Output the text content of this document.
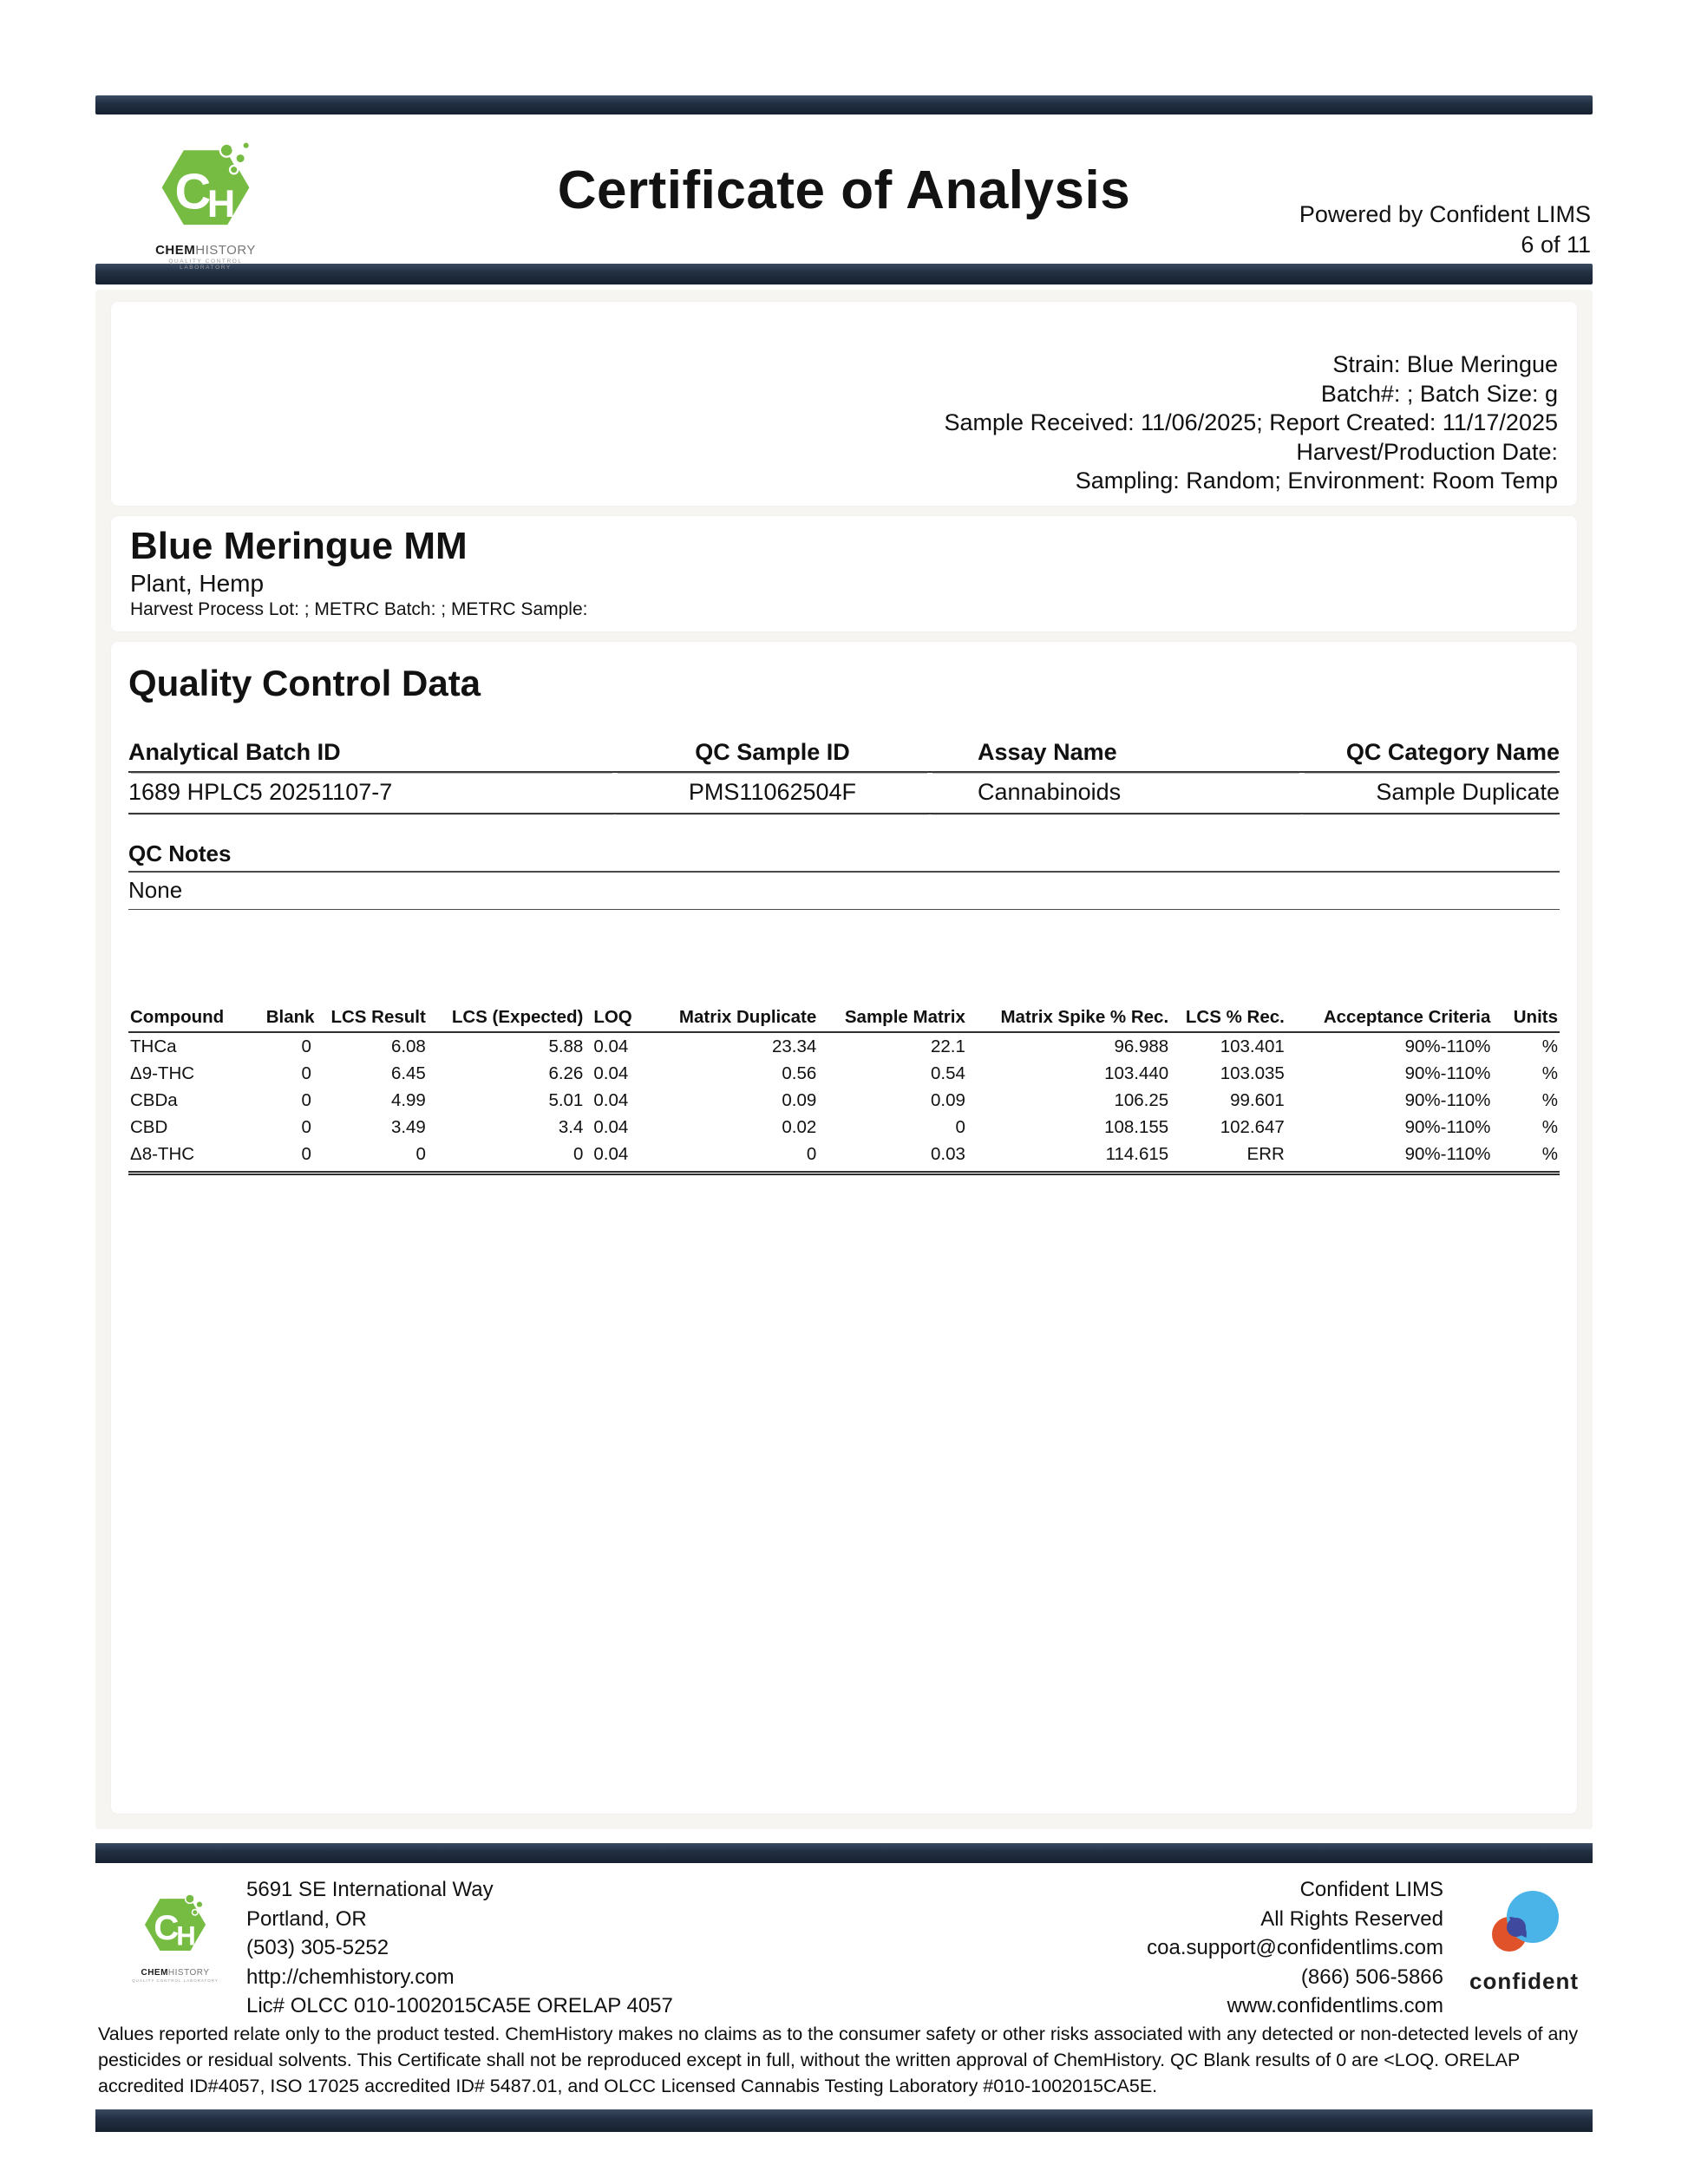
C
H
CHEMHISTORY
QUALITY CONTROL LABORATORY
Certificate of Analysis	Powered by Confident LIMS
6 of 11
Strain: Blue Meringue
Batch#: ; Batch Size: g
Sample Received: 11/06/2025; Report Created: 11/17/2025
Harvest/Production Date:
Sampling: Random; Environment: Room Temp
Blue Meringue MM
Plant, Hemp
Harvest Process Lot: ; METRC Batch: ; METRC Sample:
Quality Control Data
Analytical Batch ID	QC Sample ID	Assay Name	QC Category Name
1689 HPLC5 20251107-7	PMS11062504F	Cannabinoids	Sample Duplicate
QC Notes
None
Compound	Blank	LCS Result	LCS (Expected)	LOQ	Matrix Duplicate	Sample Matrix	Matrix Spike % Rec.	LCS % Rec.	Acceptance Criteria	Units
THCa	0	6.08	5.88	0.04	23.34	22.1	96.988	103.401	90%-110%	%
Δ9-THC	0	6.45	6.26	0.04	0.56	0.54	103.440	103.035	90%-110%	%
CBDa	0	4.99	5.01	0.04	0.09	0.09	106.25	99.601	90%-110%	%
CBD	0	3.49	3.4	0.04	0.02	0	108.155	102.647	90%-110%	%
Δ8-THC	0	0	0	0.04	0	0.03	114.615	ERR	90%-110%	%
C
H
CHEMHISTORY
QUALITY CONTROL LABORATORY
5691 SE International Way
Portland, OR
(503) 305-5252
http://chemhistory.com
Lic# OLCC 010-1002015CA5E ORELAP 4057
Confident LIMS
All Rights Reserved
coa.support@confidentlims.com
(866) 506-5866
www.confidentlims.com
confident

Values reported relate only to the product tested. ChemHistory makes no claims as to the consumer safety or other risks associated with any detected or non-detected levels of any pesticides or residual solvents. This Certificate shall not be reproduced except in full, without the written approval of ChemHistory. QC Blank results of 0 are <LOQ. ORELAP accredited ID#4057, ISO 17025 accredited ID# 5487.01, and OLCC Licensed Cannabis Testing Laboratory #010-1002015CA5E.
